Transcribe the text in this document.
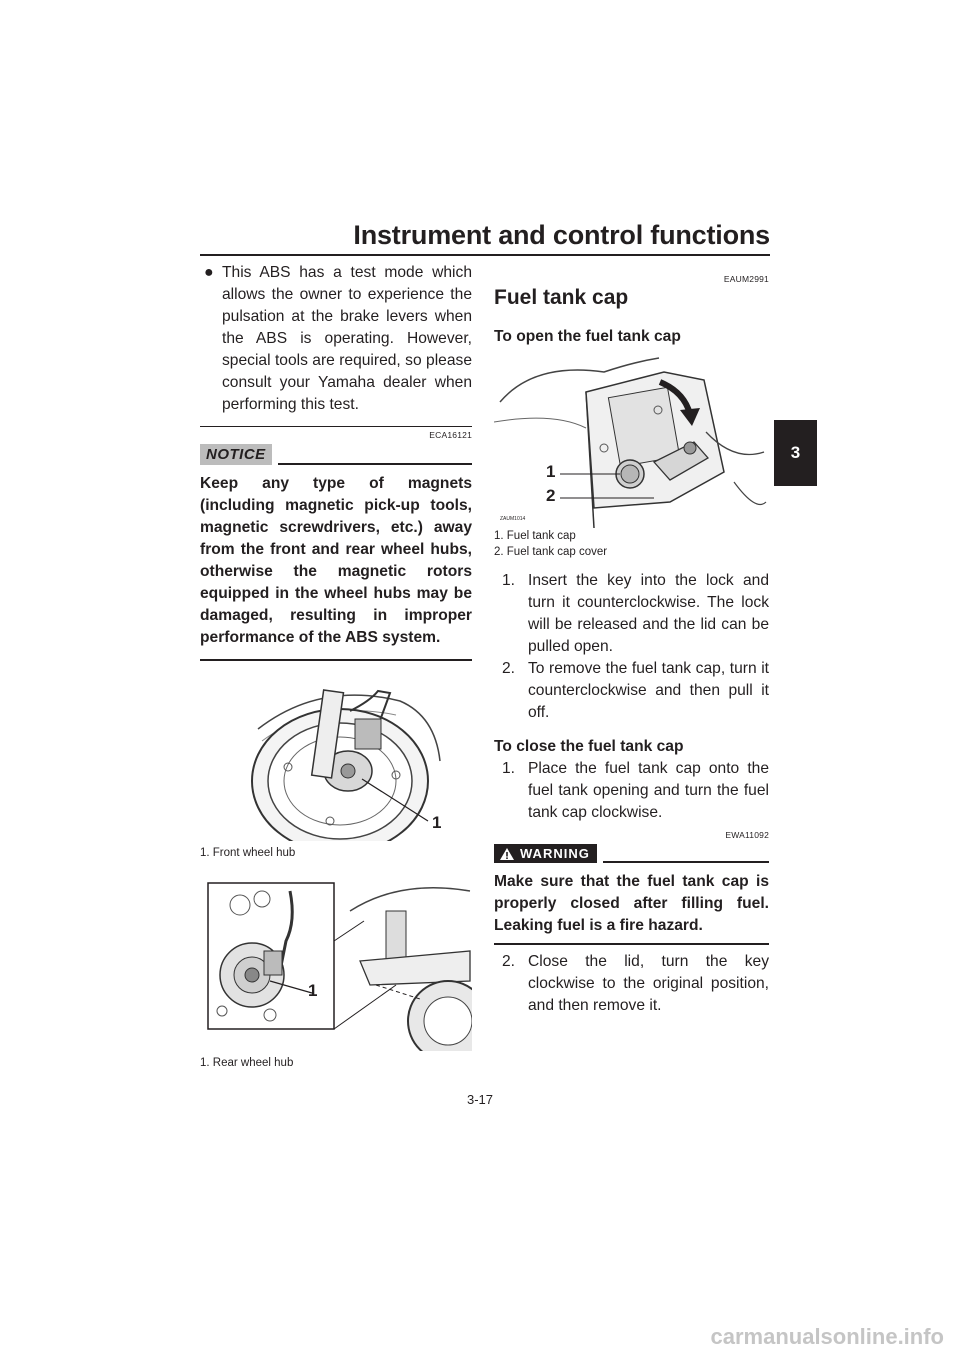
Instrument and control functions
3
● This ABS has a test mode which allows the owner to experience the pulsation at the brake levers when the ABS is operating. However, special tools are required, so please consult your Yamaha dealer when performing this test.
ECA16121
NOTICE
Keep any type of magnets (including magnetic pick-up tools, magnetic screwdrivers, etc.) away from the front and rear wheel hubs, otherwise the magnetic rotors equipped in the wheel hubs may be damaged, resulting in improper performance of the ABS system.
1
1. Front wheel hub
1
1. Rear wheel hub
EAUM2991
Fuel tank cap
To open the fuel tank cap
1
2
ZAUM1014
1. Fuel tank cap
2. Fuel tank cap cover
1. Insert the key into the lock and turn it counterclockwise. The lock will be released and the lid can be pulled open.
2. To remove the fuel tank cap, turn it counterclockwise and then pull it off.
To close the fuel tank cap
1. Place the fuel tank cap onto the fuel tank opening and turn the fuel tank cap clockwise.
EWA11092
WARNING
Make sure that the fuel tank cap is properly closed after filling fuel. Leaking fuel is a fire hazard.
2. Close the lid, turn the key clockwise to the original position, and then remove it.
3-17
carmanualsonline.info
